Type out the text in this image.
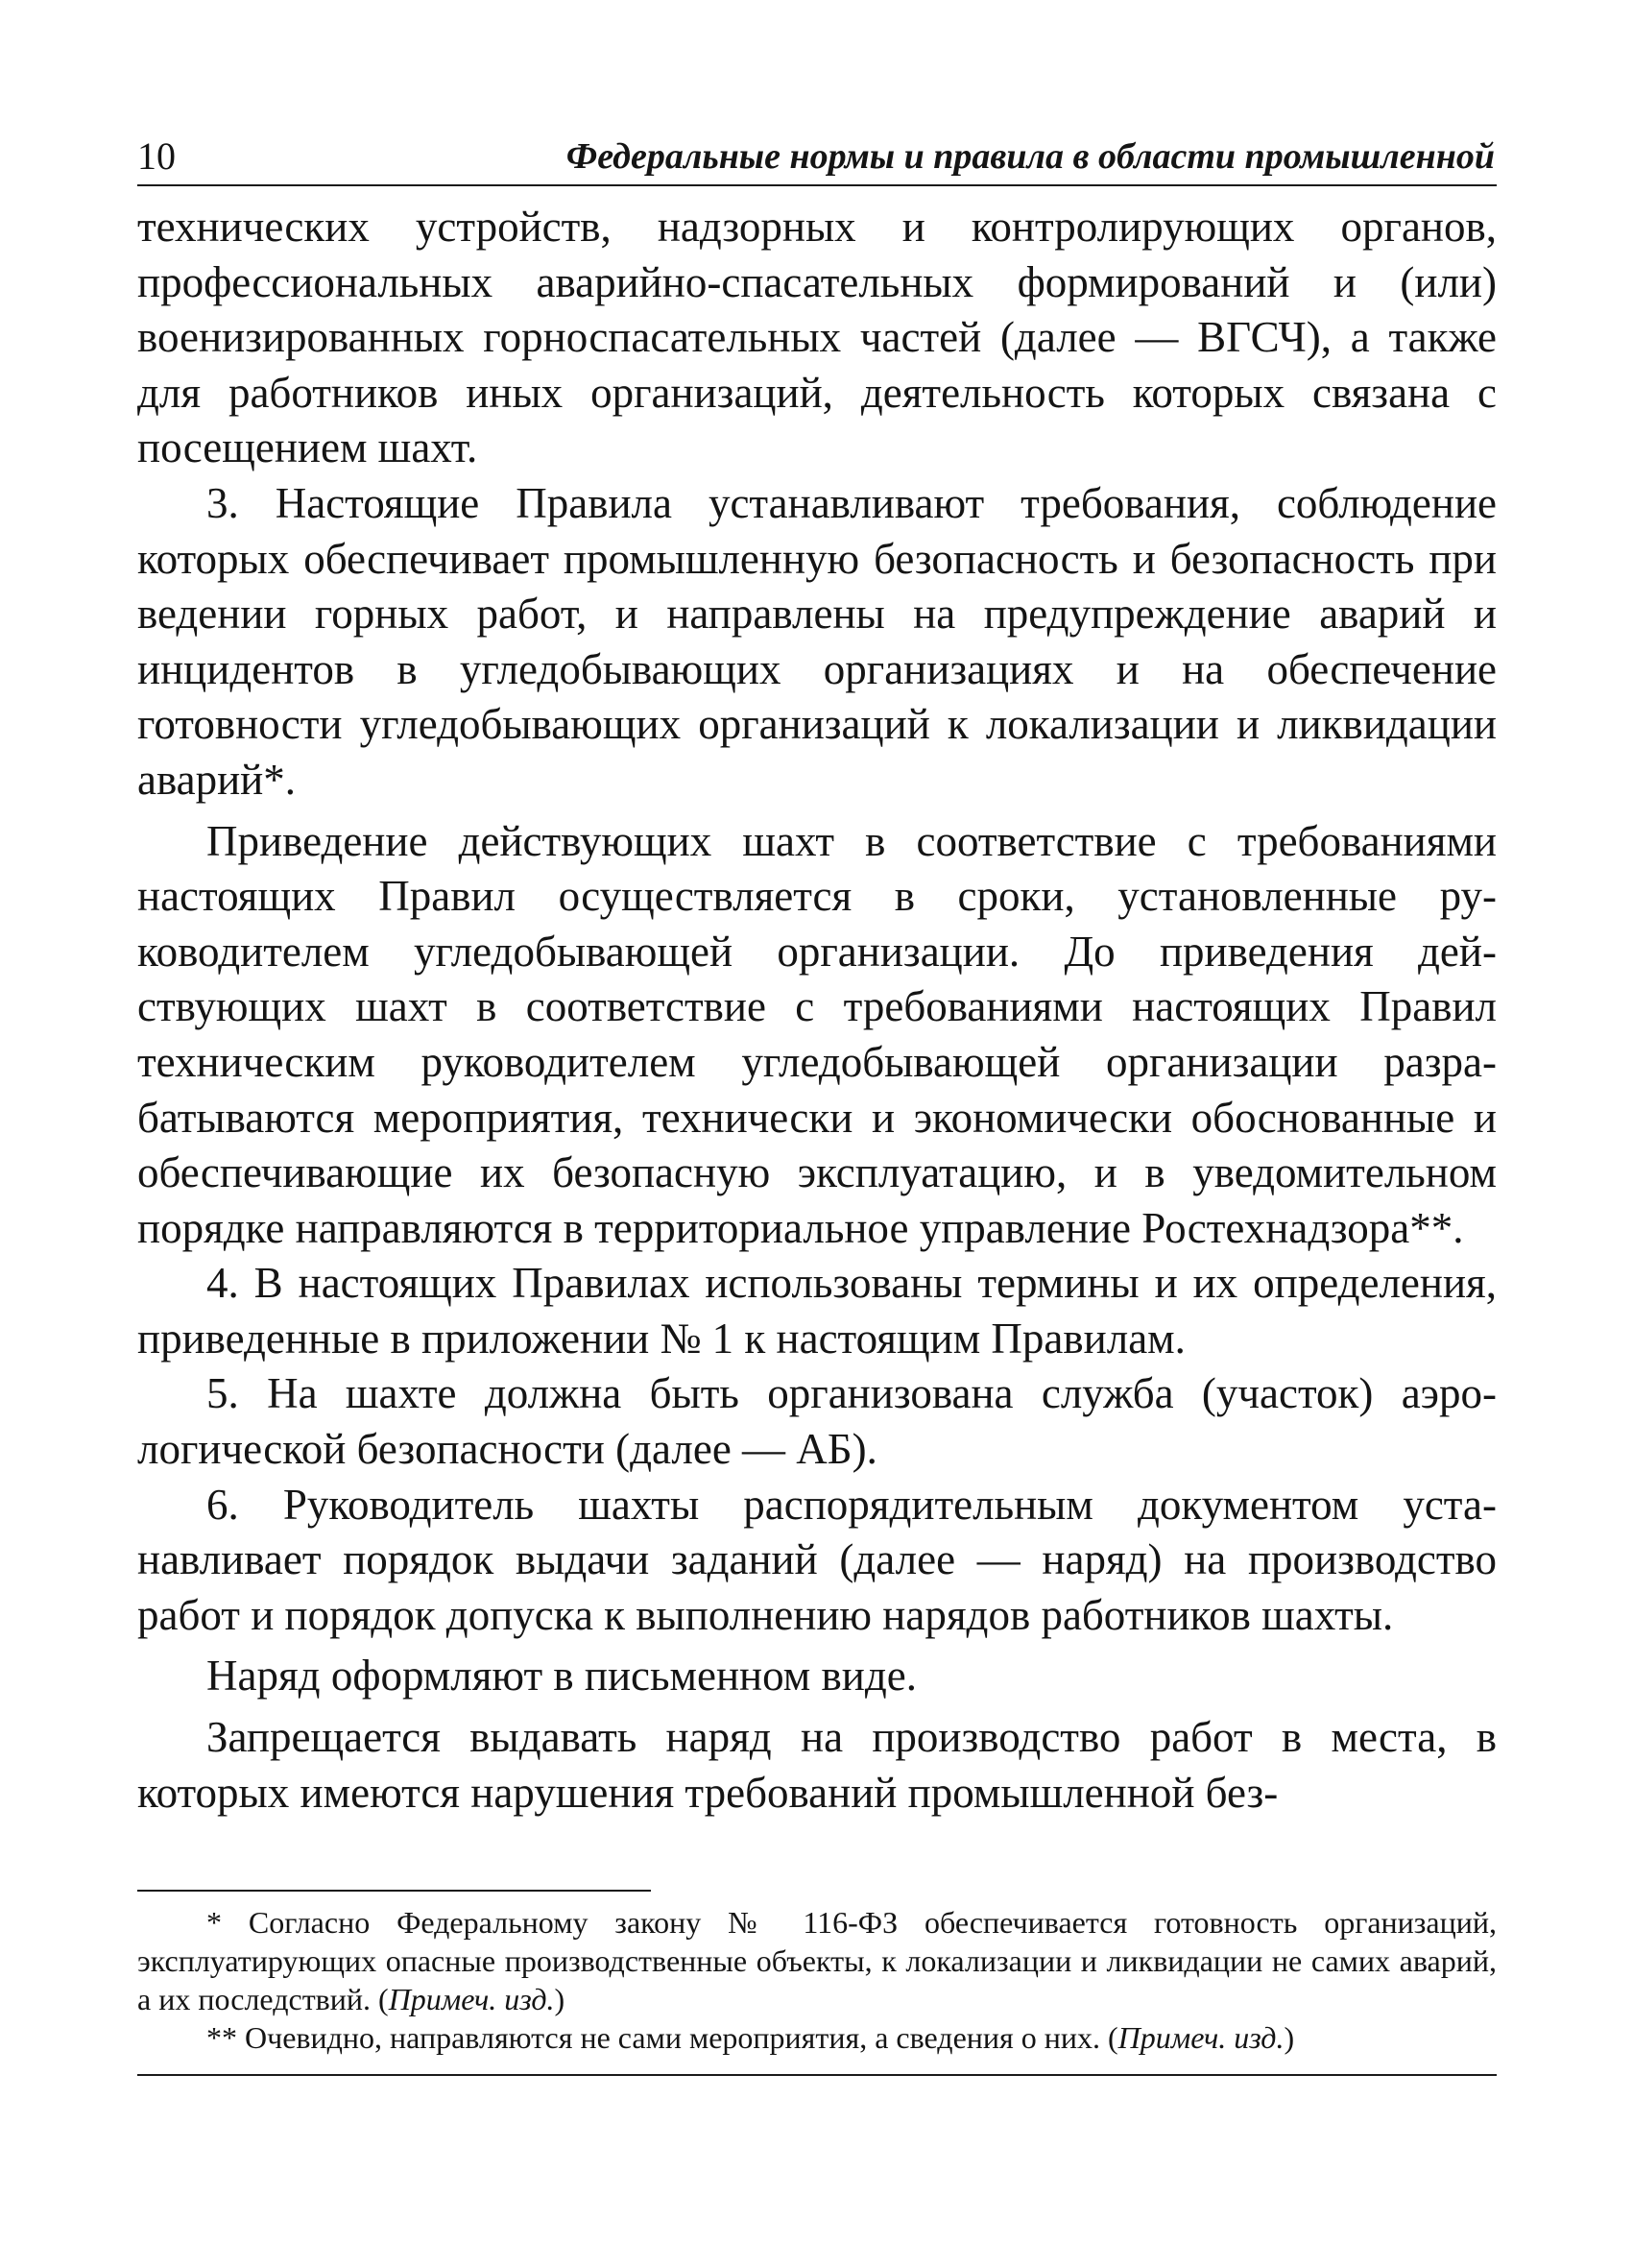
10	Федеральные нормы и правила в области промышленной

технических устройств, надзорных и контролирующих органов, профессиональных аварийно-спасательных формирований и (или) военизированных горноспасательных частей (далее — ВГСЧ), а также для работников иных организаций, деятельность которых связана с посещением шахт.

3. Настоящие Правила устанавливают требования, соблюдение которых обеспечивает промышленную безопасность и безопасность при ведении горных работ, и направлены на предупреждение аварий и инцидентов в угледобывающих организациях и на обеспечение готовности угледобывающих организаций к локализации и ликвидации аварий*.

Приведение действующих шахт в соответствие с требованиями настоящих Правил осуществляется в сроки, установленные руководителем угледобывающей организации. До приведения действующих шахт в соответствие с требованиями настоящих Правил техническим руководителем угледобывающей организации разрабатываются мероприятия, технически и экономически обоснованные и обеспечивающие их безопасную эксплуатацию, и в уведомительном порядке направляются в территориальное управление Ростехнадзора**.

4. В настоящих Правилах использованы термины и их определения, приведенные в приложении № 1 к настоящим Правилам.

5. На шахте должна быть организована служба (участок) аэрологической безопасности (далее — АБ).

6. Руководитель шахты распорядительным документом устанавливает порядок выдачи заданий (далее — наряд) на производство работ и порядок допуска к выполнению нарядов работников шахты.

Наряд оформляют в письменном виде.

Запрещается выдавать наряд на производство работ в места, в которых имеются нарушения требований промышленной без-

* Согласно Федеральному закону № 116-ФЗ обеспечивается готовность организаций, эксплуатирующих опасные производственные объекты, к локализации и ликвидации не самих аварий, а их последствий. (Примеч. изд.)

** Очевидно, направляются не сами мероприятия, а сведения о них. (Примеч. изд.)
